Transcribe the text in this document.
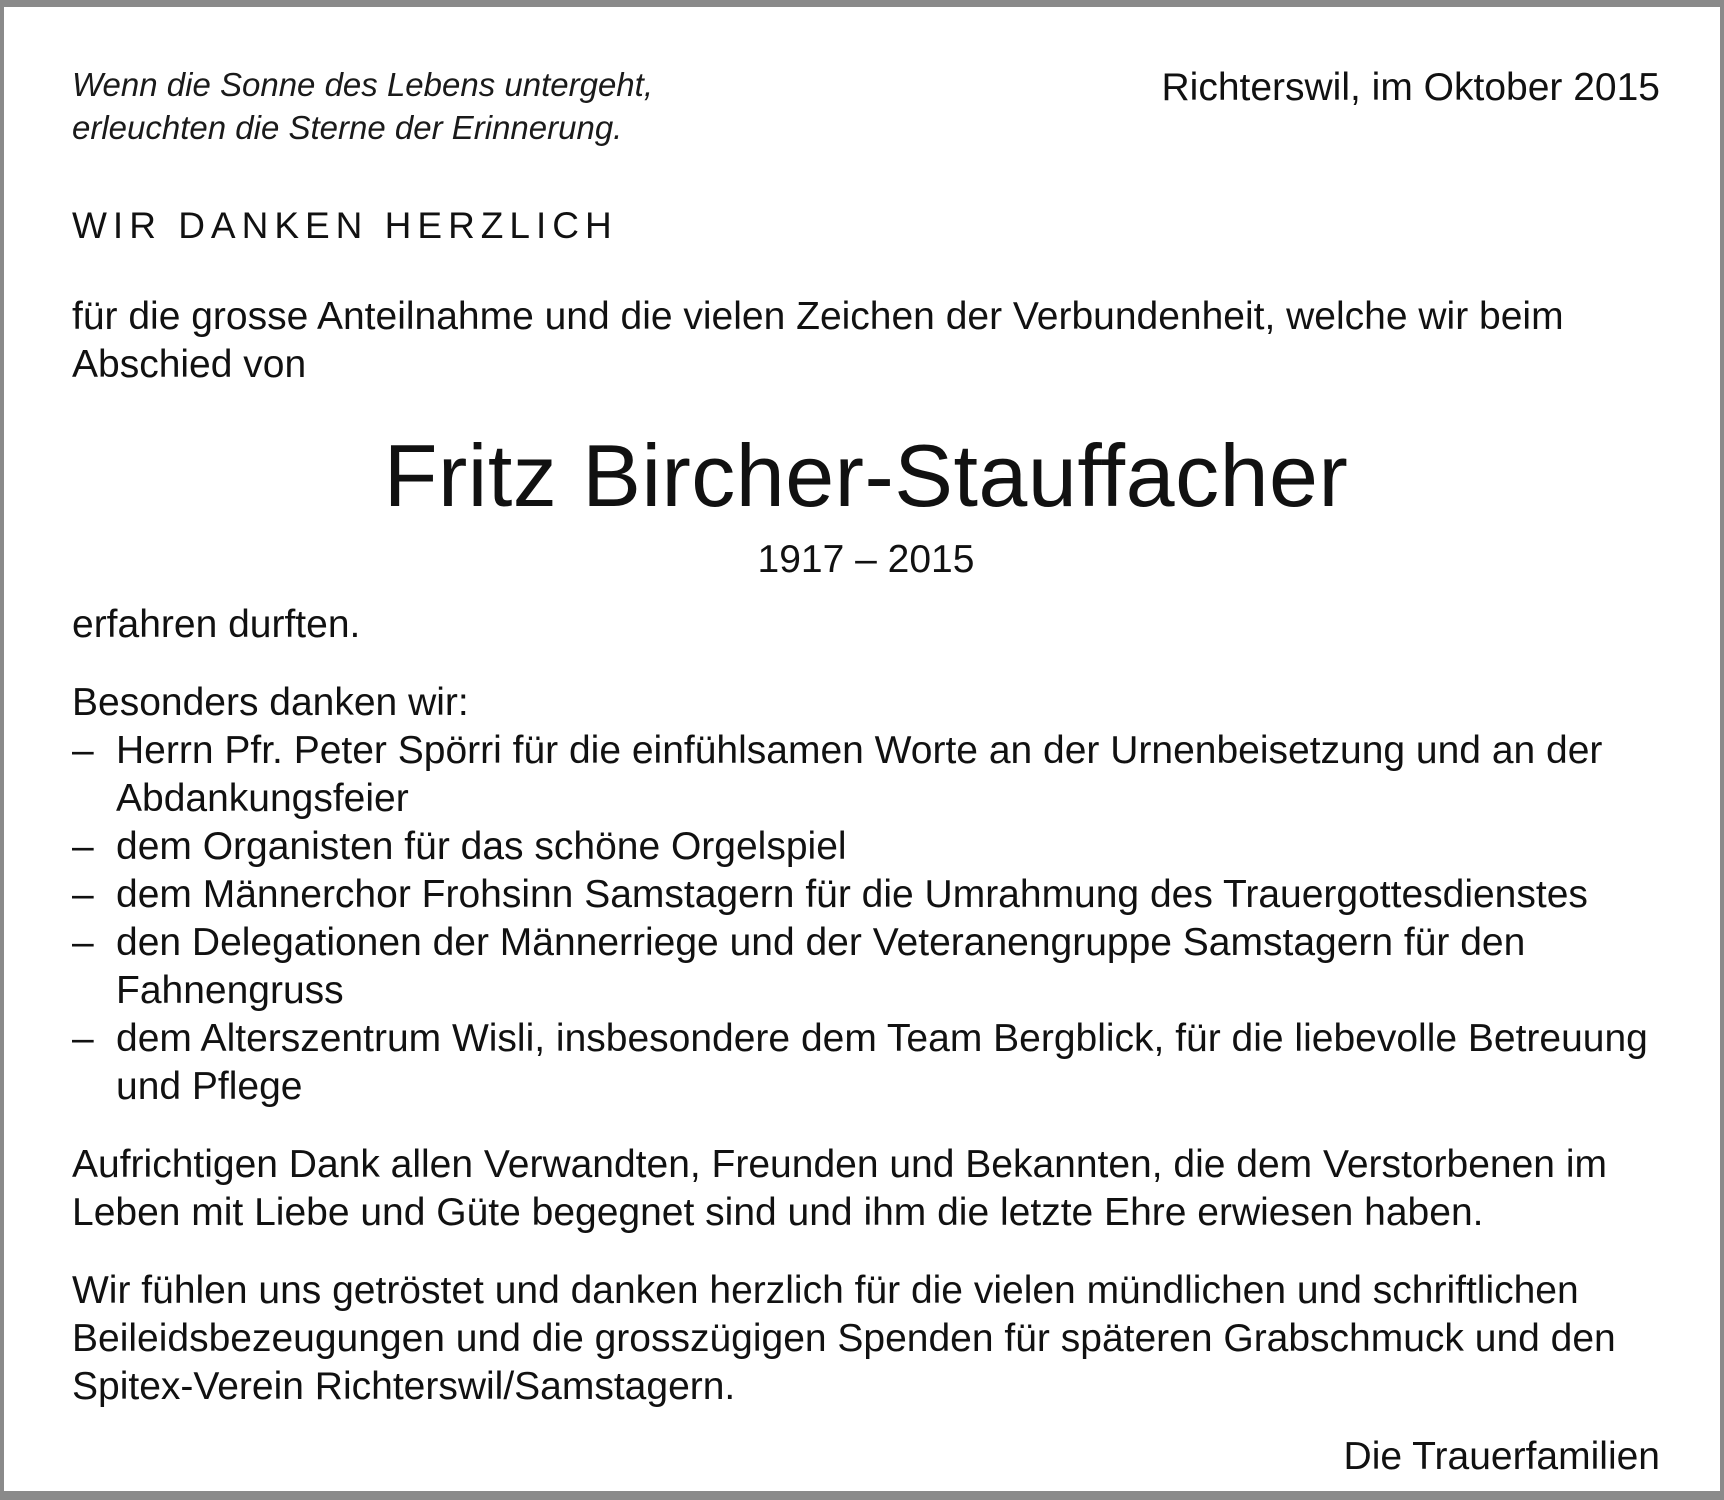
Wenn die Sonne des Lebens untergeht,
erleuchten die Sterne der Erinnerung.
Richterswil, im Oktober 2015
WIR DANKEN HERZLICH
für die grosse Anteilnahme und die vielen Zeichen der Verbundenheit, welche wir beim Abschied von
Fritz Bircher-Stauffacher
1917 – 2015
erfahren durften.
Besonders danken wir:
– Herrn Pfr. Peter Spörri für die einfühlsamen Worte an der Urnenbeisetzung und an der Abdankungsfeier
– dem Organisten für das schöne Orgelspiel
– dem Männerchor Frohsinn Samstagern für die Umrahmung des Trauergottesdienstes
– den Delegationen der Männerriege und der Veteranengruppe Samstagern für den Fahnengruss
– dem Alterszentrum Wisli, insbesondere dem Team Bergblick, für die liebevolle Betreuung und Pflege
Aufrichtigen Dank allen Verwandten, Freunden und Bekannten, die dem Verstorbenen im Leben mit Liebe und Güte begegnet sind und ihm die letzte Ehre erwiesen haben.
Wir fühlen uns getröstet und danken herzlich für die vielen mündlichen und schriftlichen Beileidsbezeugungen und die grosszügigen Spenden für späteren Grabschmuck und den Spitex-Verein Richterswil/Samstagern.
Die Trauerfamilien
